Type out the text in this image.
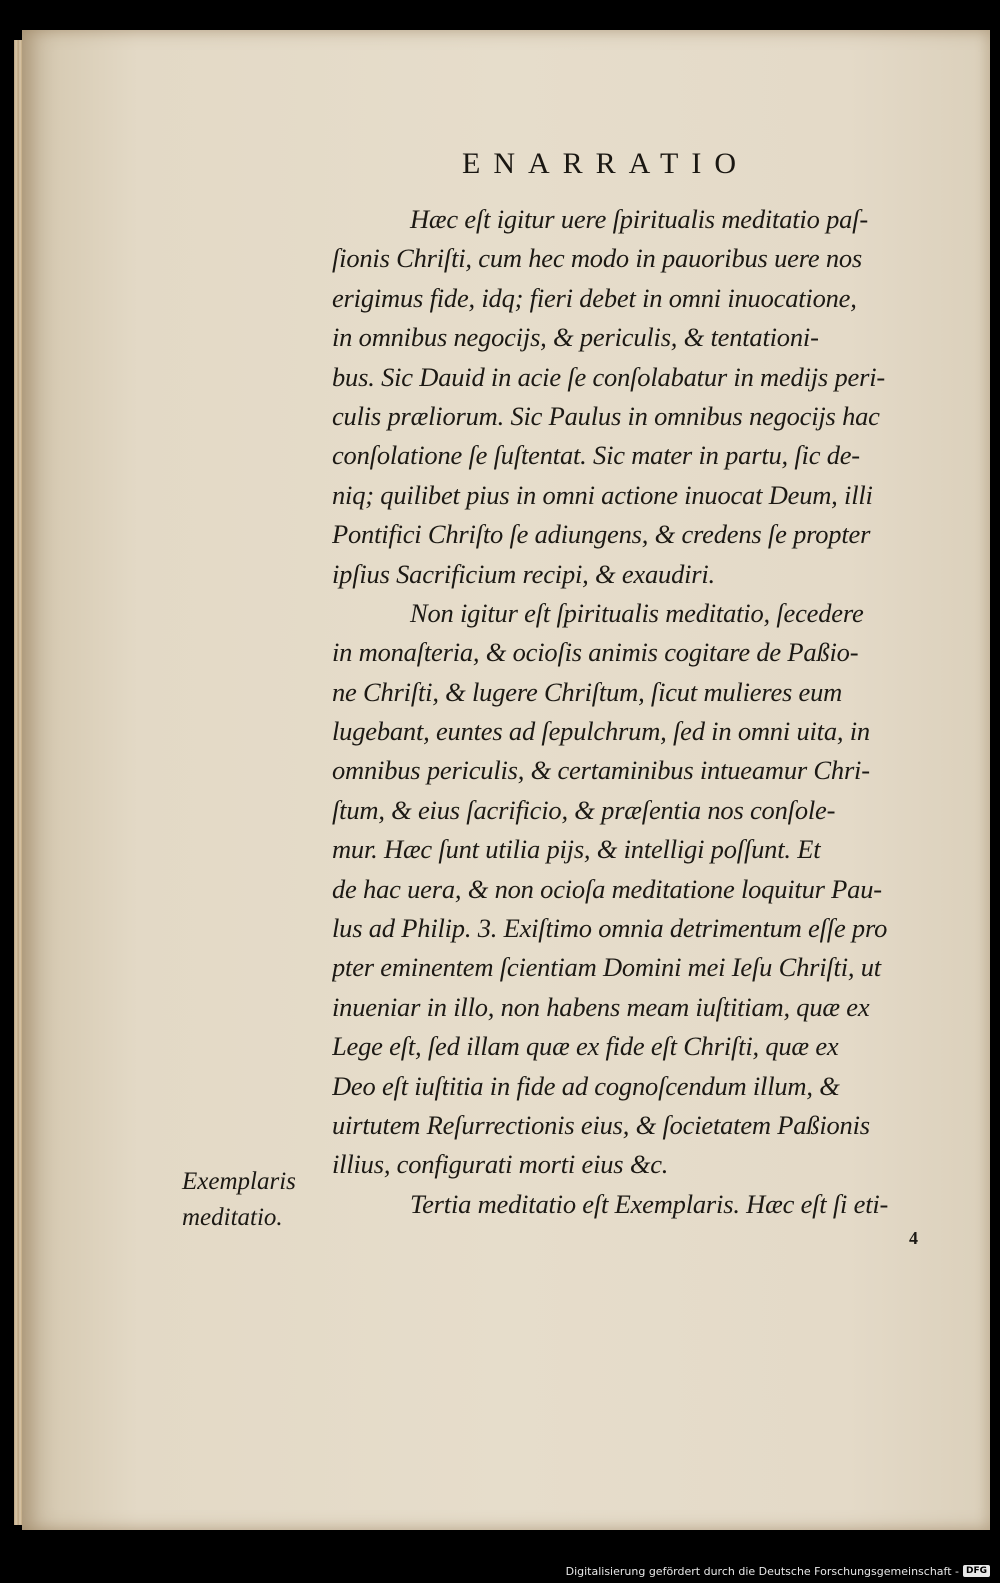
ENARRATIO
Hæc eſt igitur uere ſpiritualis meditatio paſ-
ſionis Chriſti, cum hec modo in pauoribus uere nos
erigimus fide, idq; fieri debet in omni inuocatione,
in omnibus negocijs, & periculis, & tentationi-
bus. Sic Dauid in acie ſe conſolabatur in medijs peri-
culis præliorum. Sic Paulus in omnibus negocijs hac
conſolatione ſe ſuſtentat. Sic mater in partu, ſic de-
niq; quilibet pius in omni actione inuocat Deum, illi
Pontifici Chriſto ſe adiungens, & credens ſe propter
ipſius Sacrificium recipi, & exaudiri.
Non igitur eſt ſpiritualis meditatio, ſecedere
in monaſteria, & ocioſis animis cogitare de Paßio-
ne Chriſti, & lugere Chriſtum, ſicut mulieres eum
lugebant, euntes ad ſepulchrum, ſed in omni uita, in
omnibus periculis, & certaminibus intueamur Chri-
ſtum, & eius ſacrificio, & præſentia nos conſole-
mur. Hæc ſunt utilia pijs, & intelligi poſſunt. Et
de hac uera, & non ocioſa meditatione loquitur Pau-
lus ad Philip. 3. Exiſtimo omnia detrimentum eſſe pro
pter eminentem ſcientiam Domini mei Ieſu Chriſti, ut
inueniar in illo, non habens meam iuſtitiam, quæ ex
Lege eſt, ſed illam quæ ex fide eſt Chriſti, quæ ex
Deo eſt iuſtitia in fide ad cognoſcendum illum, &
uirtutem Reſurrectionis eius, & ſocietatem Paßionis
illius, configurati morti eius &c.
Tertia meditatio eſt Exemplaris. Hæc eſt ſi eti-
Exemplaris
meditatio.
4
Digitalisierung gefördert durch die Deutsche Forschungsgemeinschaft - DFG
